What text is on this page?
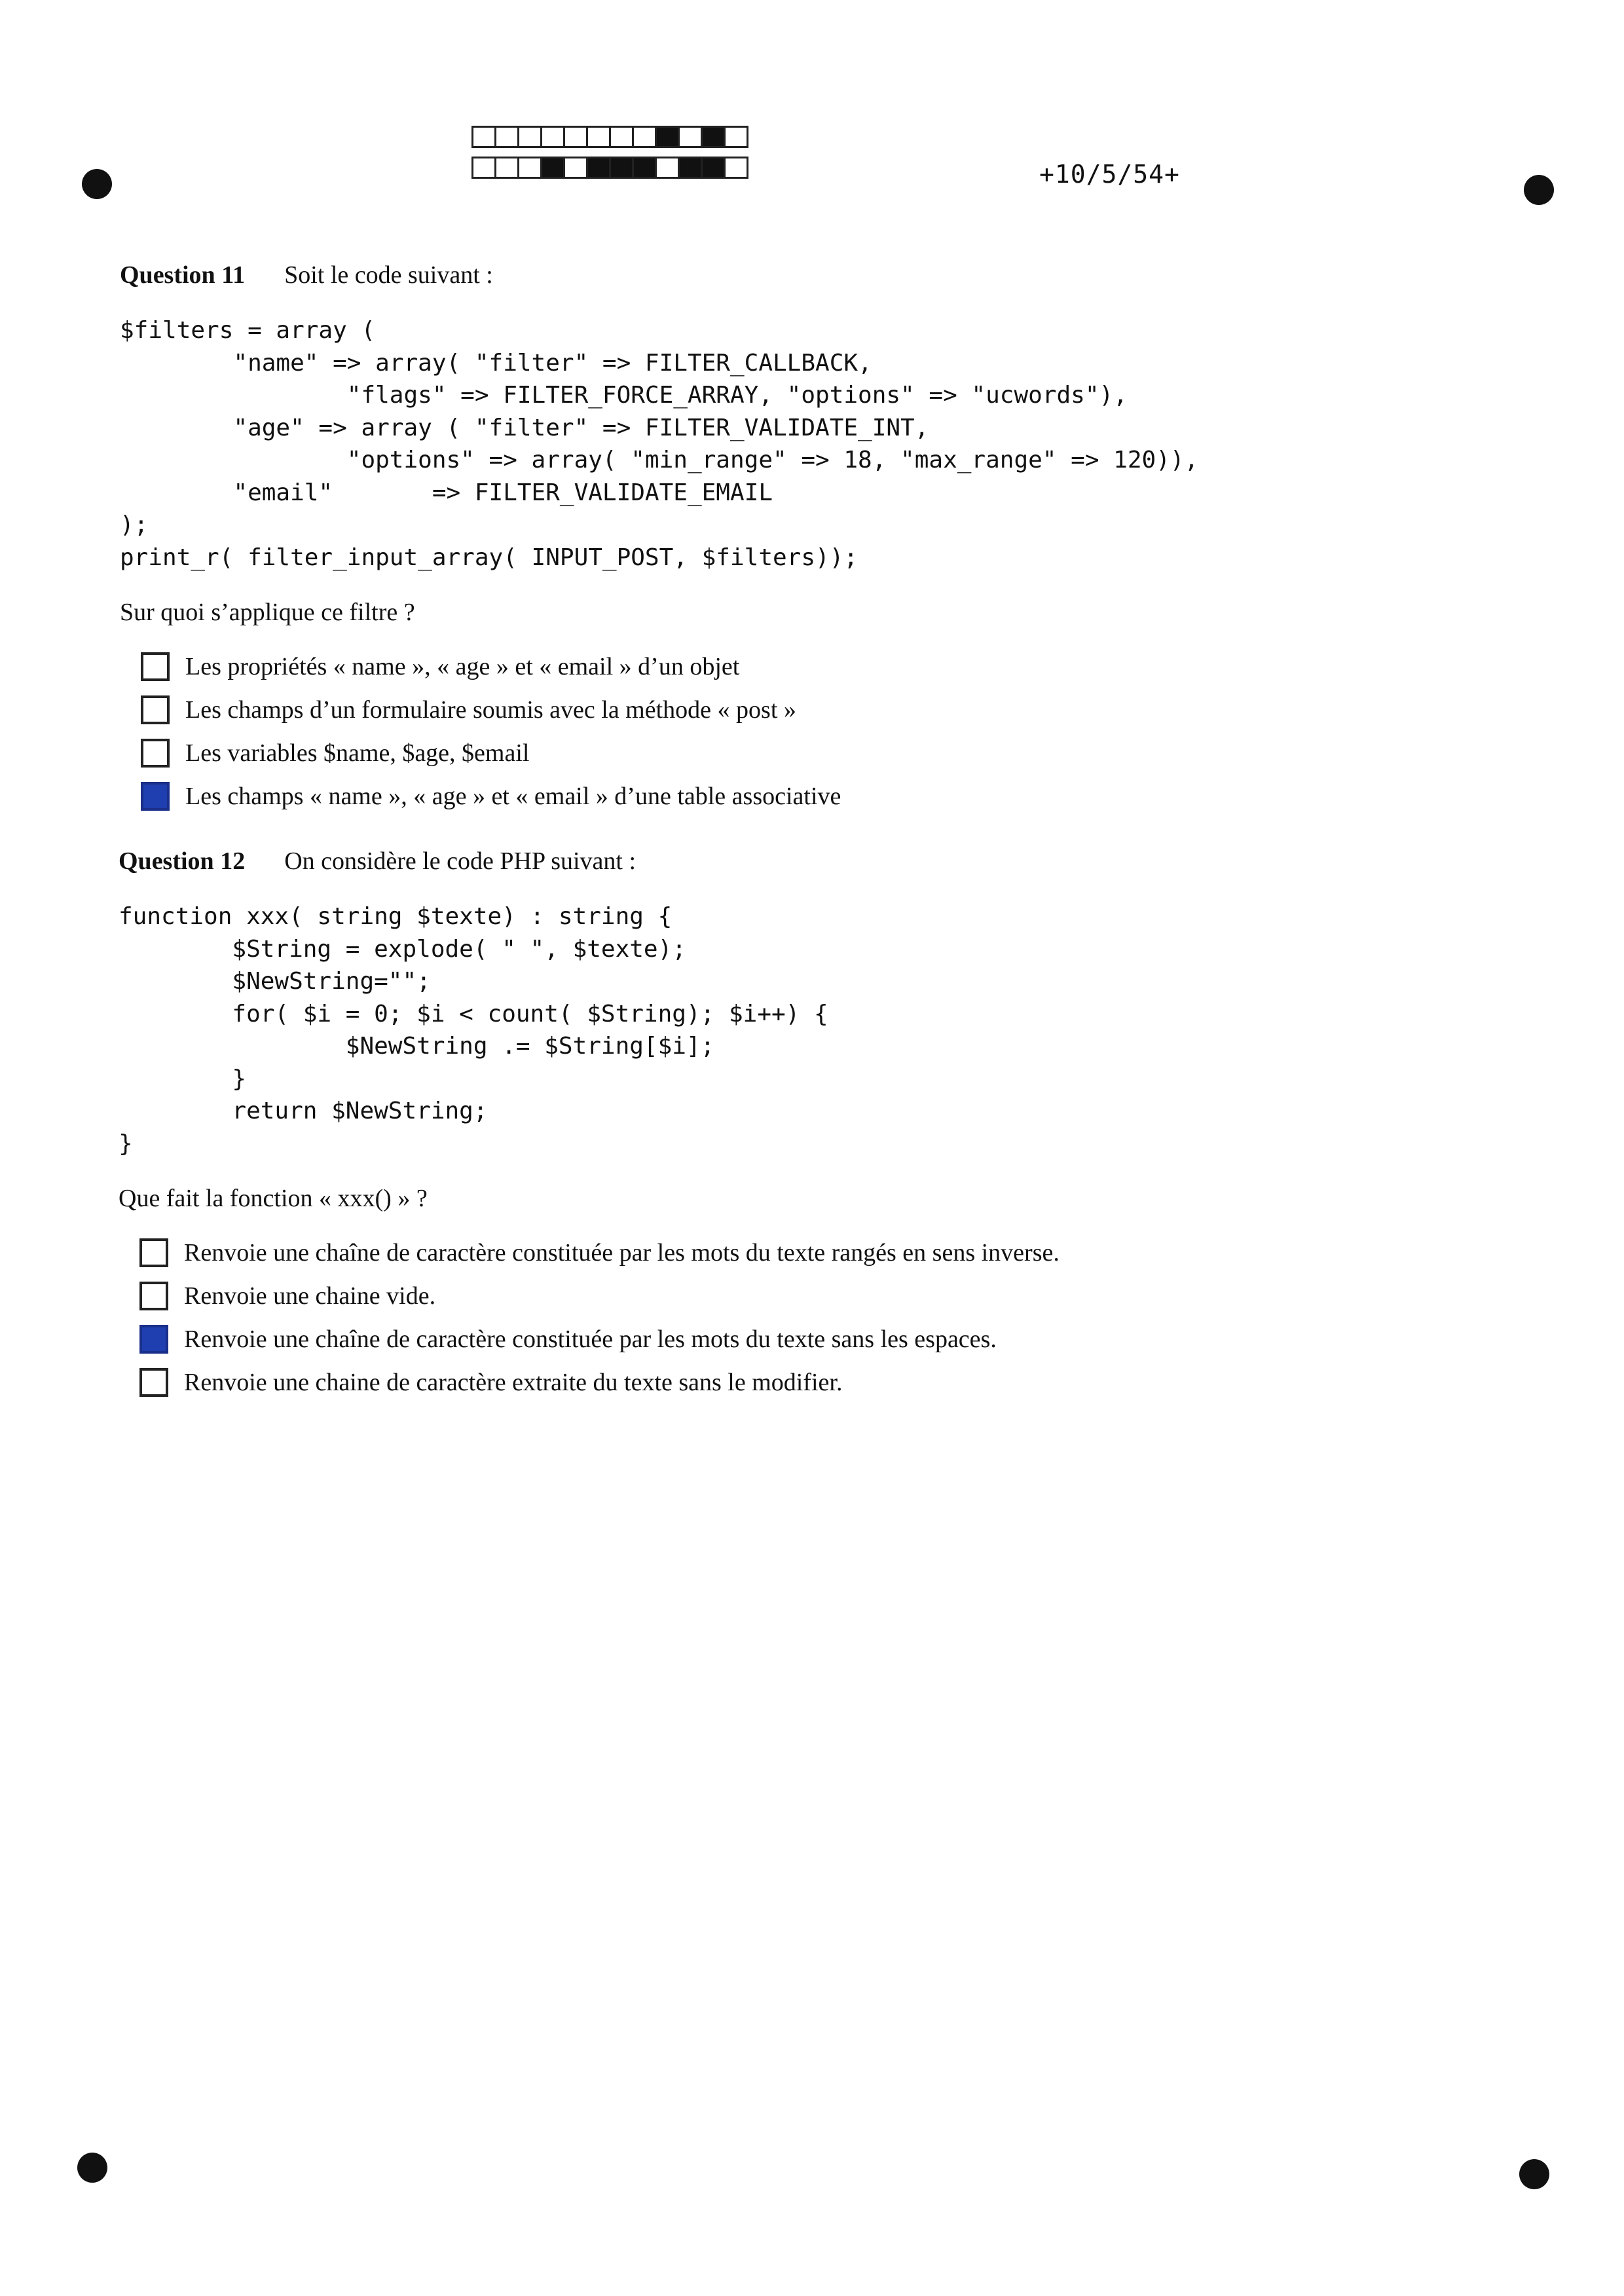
+10/5/54+
Question 11 Soit le code suivant :
$filters = array (
"name" => array( "filter" => FILTER_CALLBACK,
"flags" => FILTER_FORCE_ARRAY, "options" => "ucwords"),
"age" => array ( "filter" => FILTER_VALIDATE_INT,
"options" => array( "min_range" => 18, "max_range" => 120)),
"email"       => FILTER_VALIDATE_EMAIL
);
print_r( filter_input_array( INPUT_POST, $filters));
Sur quoi s’applique ce filtre ?
Les propriétés « name », « age » et « email » d’un objet
Les champs d’un formulaire soumis avec la méthode « post »
Les variables $name, $age, $email
Les champs « name », « age » et « email » d’une table associative
Question 12 On considère le code PHP suivant :
function xxx( string $texte) : string {
$String = explode( " ", $texte);
$NewString="";
for( $i = 0; $i < count( $String); $i++) {
$NewString .= $String[$i];
}
return $NewString;
}
Que fait la fonction « xxx() » ?
Renvoie une chaîne de caractère constituée par les mots du texte rangés en sens inverse.
Renvoie une chaine vide.
Renvoie une chaîne de caractère constituée par les mots du texte sans les espaces.
Renvoie une chaine de caractère extraite du texte sans le modifier.
